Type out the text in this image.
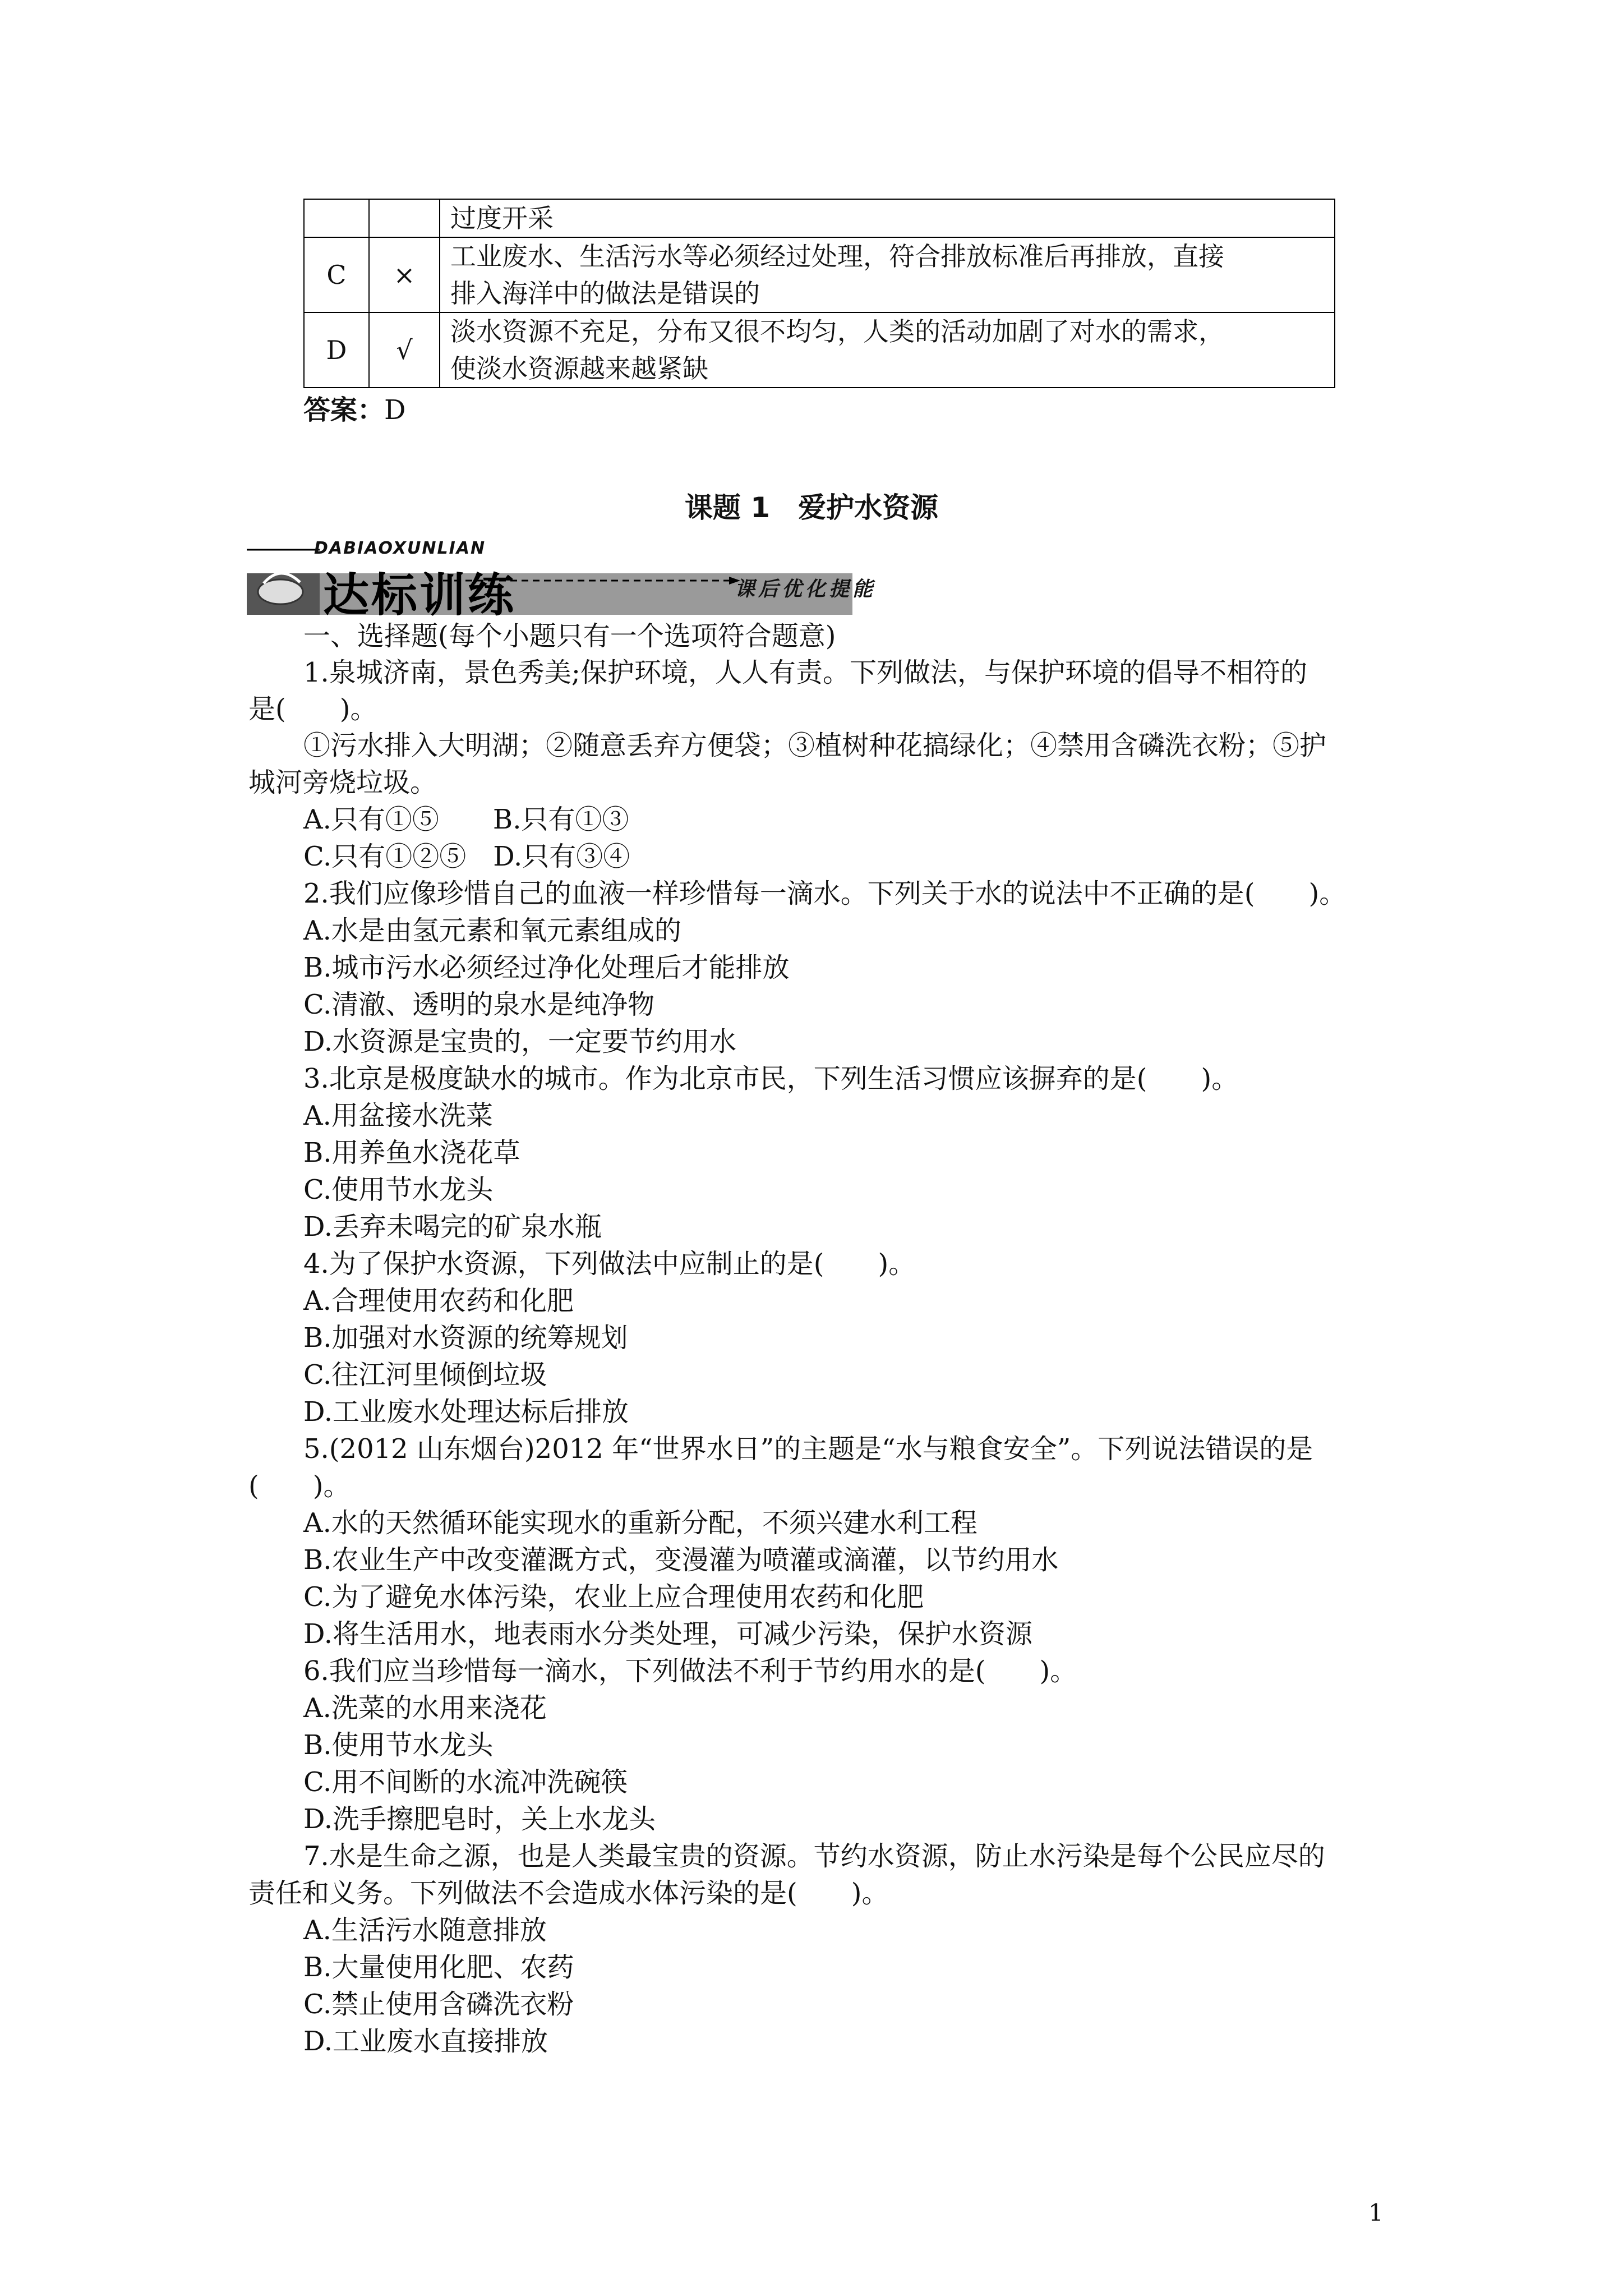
		过度开采

C	×	工业废水、生活污水等必须经过处理，符合排放标准后再排放，直接
排入海洋中的做法是错误的

D	√	淡水资源不充足，分布又很不均匀，人类的活动加剧了对水的需求，
使淡水资源越来越紧缺
答案：D
课题 1　爱护水资源
DABIAOXUNLIAN
达标训练	课后优化提能
一、选择题(每个小题只有一个选项符合题意)
1.泉城济南，景色秀美;保护环境，人人有责。下列做法，与保护环境的倡导不相符的
是(　　)。
①污水排入大明湖；②随意丢弃方便袋；③植树种花搞绿化；④禁用含磷洗衣粉；⑤护
城河旁烧垃圾。
A.只有①⑤　　B.只有①③
C.只有①②⑤　D.只有③④
2.我们应像珍惜自己的血液一样珍惜每一滴水。下列关于水的说法中不正确的是(　　)。
A.水是由氢元素和氧元素组成的
B.城市污水必须经过净化处理后才能排放
C.清澈、透明的泉水是纯净物
D.水资源是宝贵的，一定要节约用水
3.北京是极度缺水的城市。作为北京市民，下列生活习惯应该摒弃的是(　　)。
A.用盆接水洗菜
B.用养鱼水浇花草
C.使用节水龙头
D.丢弃未喝完的矿泉水瓶
4.为了保护水资源，下列做法中应制止的是(　　)。
A.合理使用农药和化肥
B.加强对水资源的统筹规划
C.往江河里倾倒垃圾
D.工业废水处理达标后排放
5.(2012 山东烟台)2012 年“世界水日”的主题是“水与粮食安全”。下列说法错误的是
(　　)。
A.水的天然循环能实现水的重新分配，不须兴建水利工程
B.农业生产中改变灌溉方式，变漫灌为喷灌或滴灌，以节约用水
C.为了避免水体污染，农业上应合理使用农药和化肥
D.将生活用水，地表雨水分类处理，可减少污染，保护水资源
6.我们应当珍惜每一滴水，下列做法不利于节约用水的是(　　)。
A.洗菜的水用来浇花
B.使用节水龙头
C.用不间断的水流冲洗碗筷
D.洗手擦肥皂时，关上水龙头
7.水是生命之源，也是人类最宝贵的资源。节约水资源，防止水污染是每个公民应尽的
责任和义务。下列做法不会造成水体污染的是(　　)。
A.生活污水随意排放
B.大量使用化肥、农药
C.禁止使用含磷洗衣粉
D.工业废水直接排放
1
